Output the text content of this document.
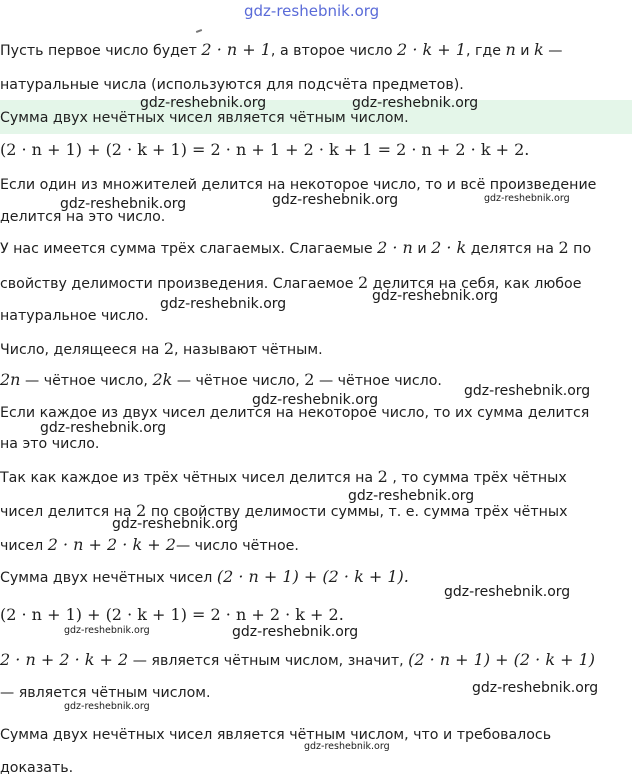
Пусть первое число будет 2 · n + 1, а второе число 2 · k + 1, где n и k —
натуральные числа (используются для подсчёта предметов).
Сумма двух нечётных чисел является чётным числом.
(2 · n + 1) + (2 · k + 1) = 2 · n + 1 + 2 · k + 1 = 2 · n + 2 · k + 2.
Если один из множителей делится на некоторое число, то и всё произведение
делится на это число.
У нас имеется сумма трёх слагаемых. Слагаемые 2 · n и 2 · k делятся на 2 по
свойству делимости произведения. Слагаемое 2 делится на себя, как любое
натуральное число.
Число, делящееся на 2, называют чётным.
2n — чётное число, 2k — чётное число, 2 — чётное число.
Если каждое из двух чисел делится на некоторое число, то их сумма делится
на это число.
Так как каждое из трёх чётных чисел делится на 2 , то сумма трёх чётных
чисел делится на 2 по свойству делимости суммы, т. е. сумма трёх чётных
чисел 2 · n + 2 · k + 2— число чётное.
Сумма двух нечётных чисел (2 · n + 1) + (2 · k + 1).
(2 · n + 1) + (2 · k + 1) = 2 · n + 2 · k + 2.
2 · n + 2 · k + 2 — является чётным числом, значит, (2 · n + 1) + (2 · k + 1)
— является чётным числом.
Сумма двух нечётных чисел является чётным числом, что и требовалось
доказать.
gdz-reshebnik.org
gdz-reshebnik.org	gdz-reshebnik.org
gdz-reshebnik.org	gdz-reshebnik.org	gdz-reshebnik.org
gdz-reshebnik.org
gdz-reshebnik.org
gdz-reshebnik.org
gdz-reshebnik.org
gdz-reshebnik.org
gdz-reshebnik.org
gdz-reshebnik.org
gdz-reshebnik.org
gdz-reshebnik.org
gdz-reshebnik.org
gdz-reshebnik.org
gdz-reshebnik.org
gdz-reshebnik.org
